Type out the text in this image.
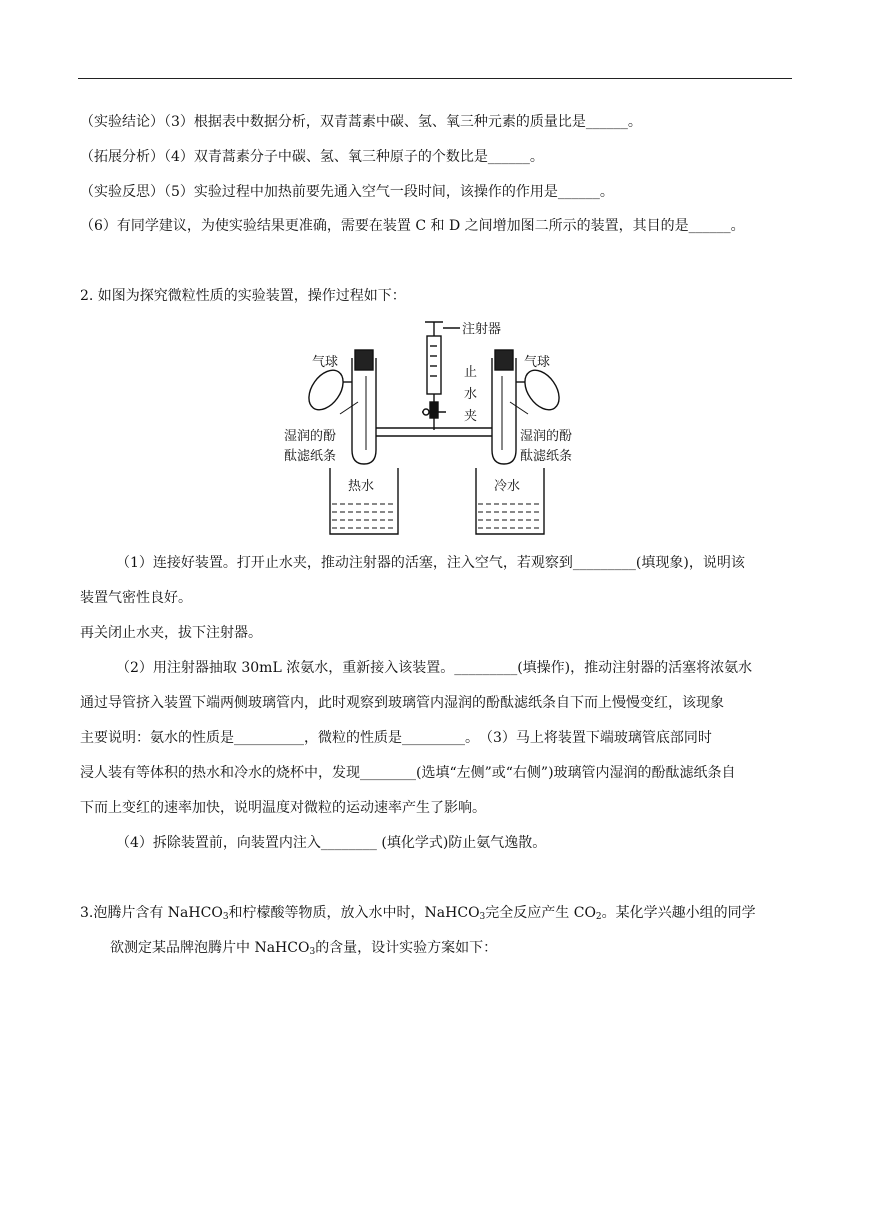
（实验结论）（3）根据表中数据分析，双青蒿素中碳、氢、氧三种元素的质量比是______。
（拓展分析）（4）双青蒿素分子中碳、氢、氧三种原子的个数比是______。
（实验反思）（5）实验过程中加热前要先通入空气一段时间，该操作的作用是______。
（6）有同学建议，为使实验结果更准确，需要在装置 C 和 D 之间增加图二所示的装置，其目的是______。
2. 如图为探究微粒性质的实验装置，操作过程如下：
注射器
止
水
夹
气球	气球
湿润的酚
酞滤纸条
湿润的酚
酞滤纸条
热水	冷水
（1）连接好装置。打开止水夹，推动注射器的活塞，注入空气，若观察到_________(填现象)，说明该
装置气密性良好。
再关闭止水夹，拔下注射器。
（2）用注射器抽取 30mL 浓氨水，重新接入该装置。_________(填操作)，推动注射器的活塞将浓氨水
通过导管挤入装置下端两侧玻璃管内，此时观察到玻璃管内湿润的酚酞滤纸条自下而上慢慢变红，该现象
主要说明：氨水的性质是__________，微粒的性质是_________。　（3）马上将装置下端玻璃管底部同时
浸人装有等体积的热水和冷水的烧杯中，发现________(选填“左侧”或“右侧”)玻璃管内湿润的酚酞滤纸条自
下而上变红的速率加快，说明温度对微粒的运动速率产生了影响。
（4）拆除装置前，向装置内注入________ (填化学式)防止氨气逸散。
3.泡腾片含有 NaHCO$_3$和柠檬酸等物质，放入水中时，NaHCO$_3$完全反应产生 $CO_2$。某化学兴趣小组的同学
欲测定某品牌泡腾片中 NaHCO$_3$的含量，设计实验方案如下：
